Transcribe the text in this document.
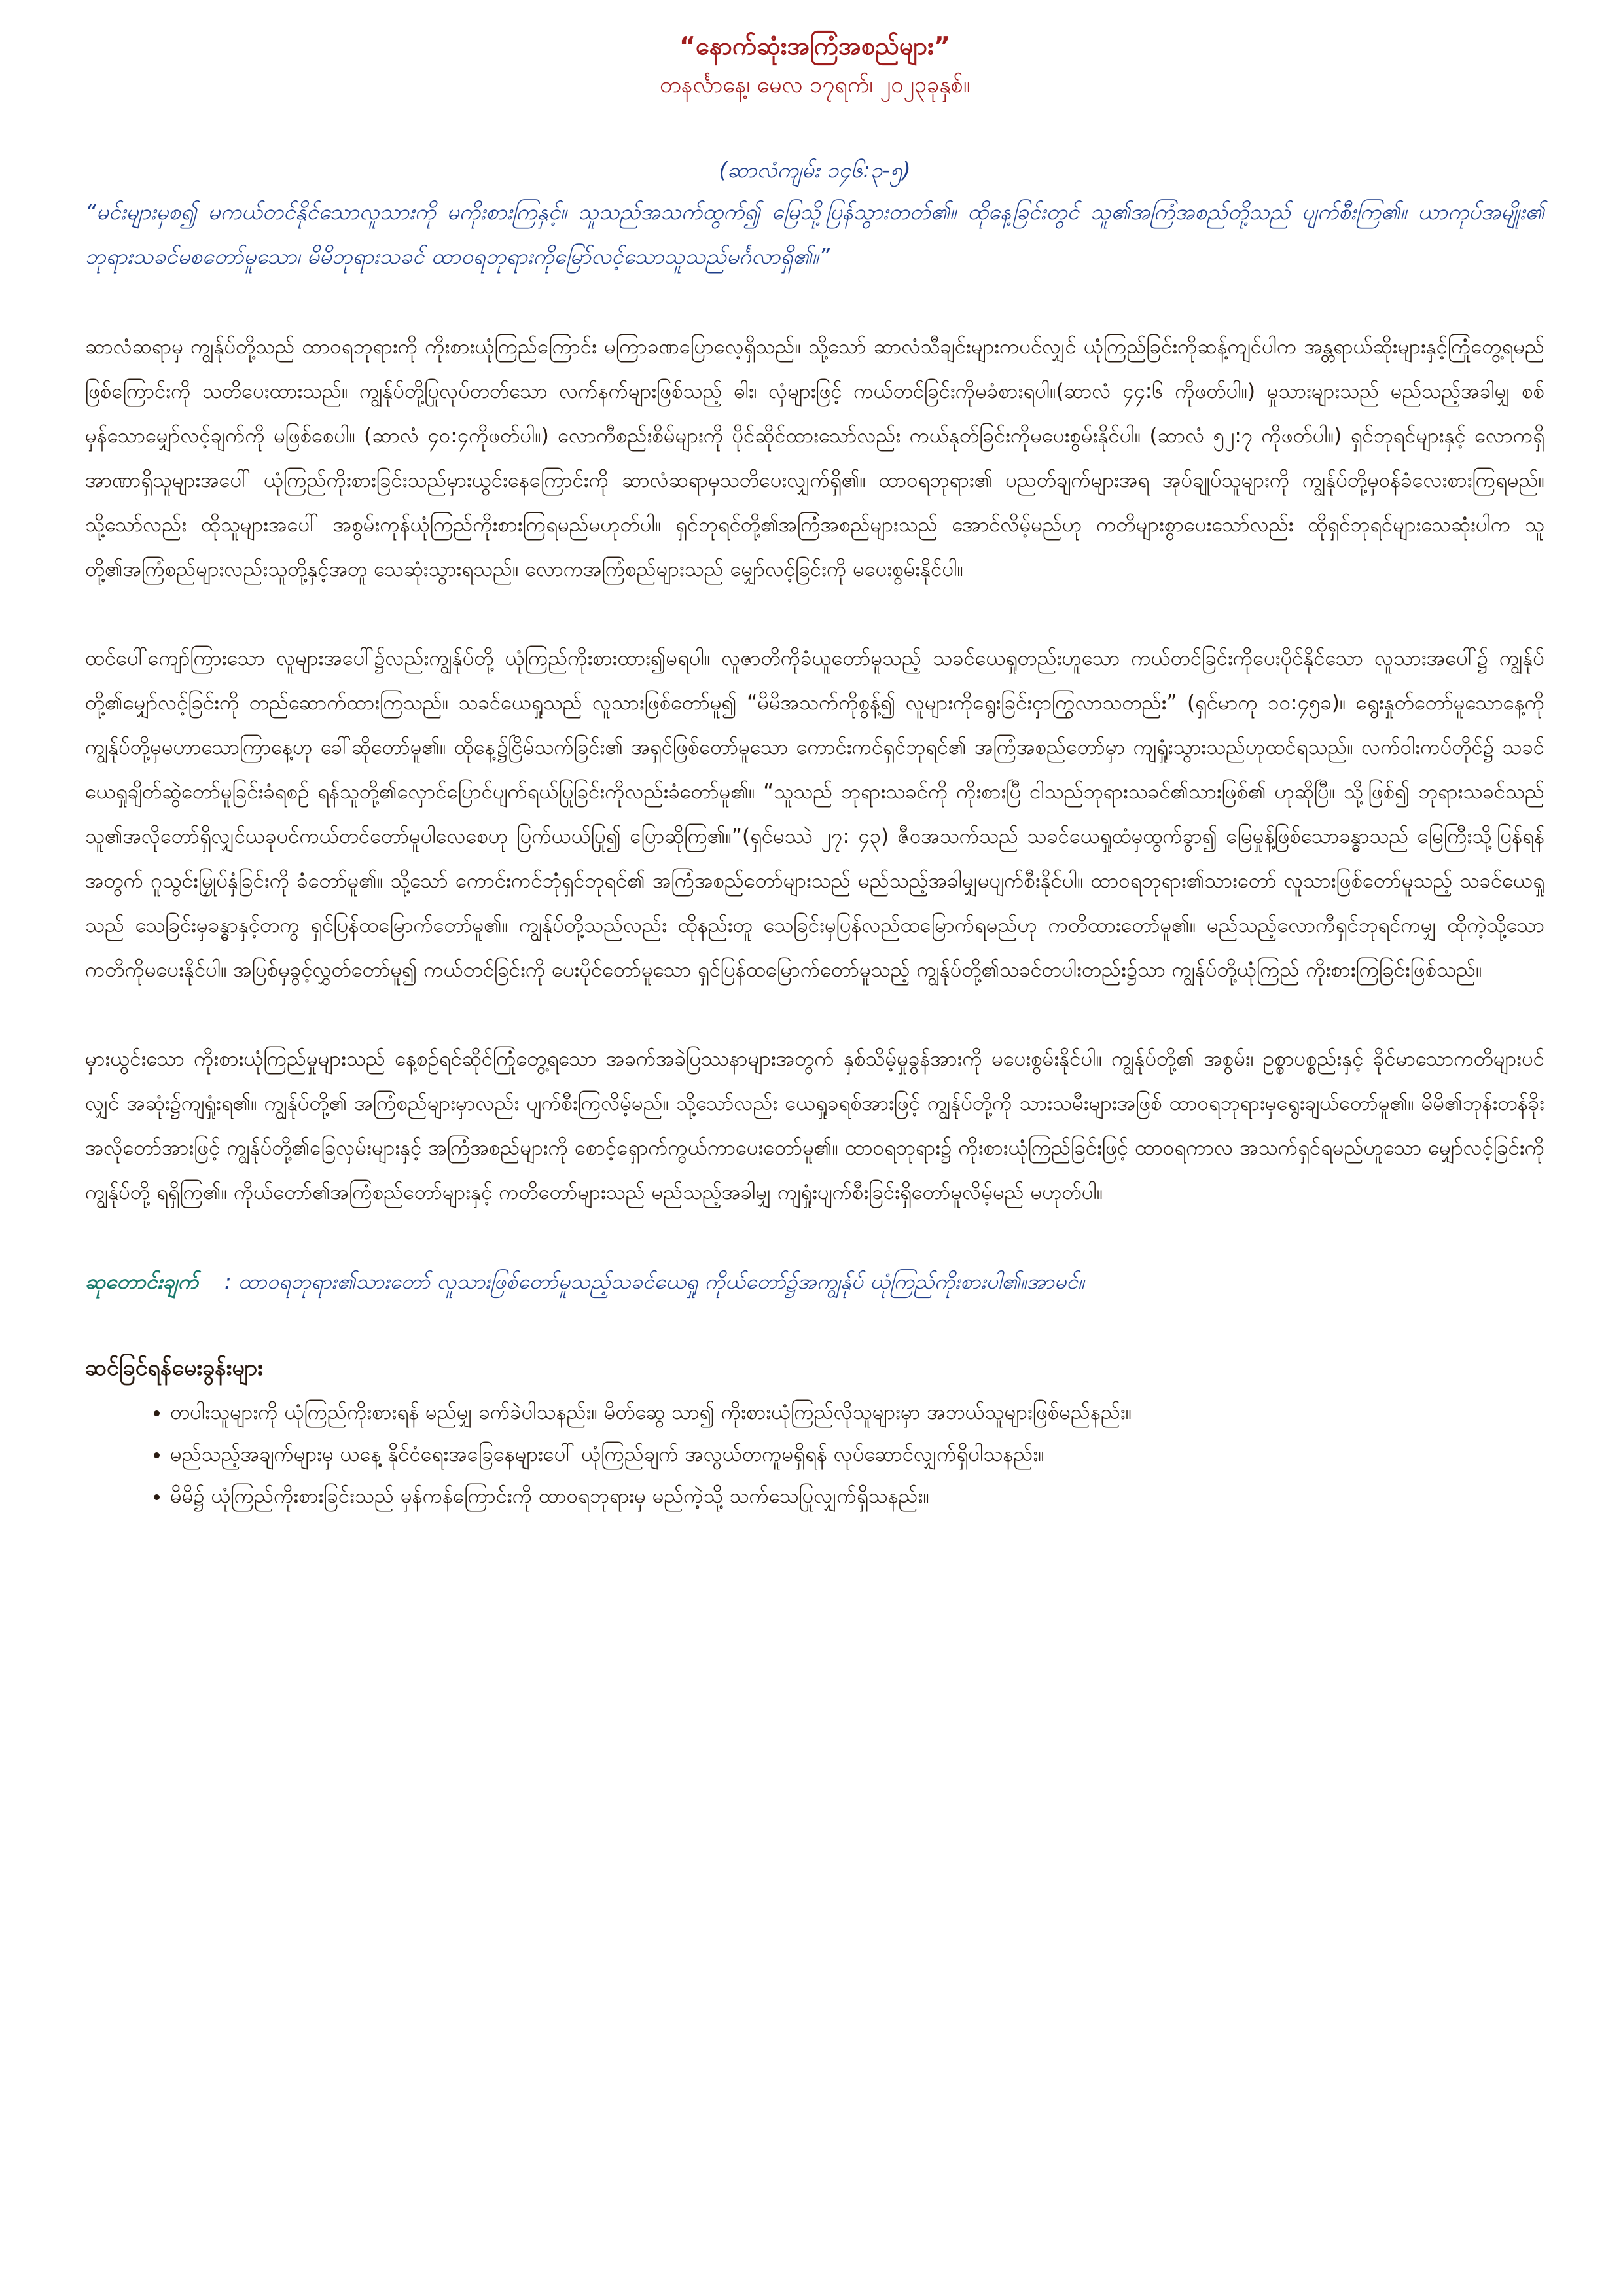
“နောက်ဆုံးအကြံအစည်များ”

တနင်္လာနေ့၊ မေလ ၁၇ရက်၊ ၂၀၂၃ခုနှစ်။

(ဆာလံကျမ်း ၁၄၆:၃-၅)

“မင်းများမှစ၍ မကယ်တင်နိုင်သောလူသားကို မကိုးစားကြနှင့်။ သူသည်အသက်ထွက်၍ မြေသို့ပြန်သွားတတ်၏။ ထိုနေ့ခြင်းတွင် သူ၏အကြံအစည်တို့သည် ပျက်စီးကြ၏။ ယာကုပ်အမျိုး၏ ဘုရားသခင်မစတော်မူသော၊ မိမိဘုရားသခင် ထာဝရဘုရားကိုမြော်လင့်သောသူသည်မင်္ဂလာရှိ၏။”

ဆာလံဆရာမှ ကျွန်ုပ်တို့သည် ထာဝရဘုရားကို ကိုးစားယုံကြည်ကြောင်း မကြာခဏပြောလေ့ရှိသည်။ သို့သော် ဆာလံသီချင်းများကပင်လျှင် ယုံကြည်ခြင်းကိုဆန့်ကျင်ပါက အန္တရာယ်ဆိုးများနှင့်ကြုံတွေ့ရမည်ဖြစ်ကြောင်းကို သတိပေးထားသည်။ ကျွန်ုပ်တို့ပြုလုပ်တတ်သော လက်နက်များဖြစ်သည့် ဓါး၊ လှံများဖြင့် ကယ်တင်ခြင်းကိုမခံစားရပါ။(ဆာလံ ၄၄:၆ ကိုဖတ်ပါ။) မှုသားများသည် မည်သည့်အခါမျှ စစ်မှန်သောမျှော်လင့်ချက်ကို မဖြစ်စေပါ။ (ဆာလံ ၄၀:၄ကိုဖတ်ပါ။) လောကီစည်းစိမ်များကို ပိုင်ဆိုင်ထားသော်လည်း ကယ်နုတ်ခြင်းကိုမပေးစွမ်းနိုင်ပါ။ (ဆာလံ ၅၂:၇ ကိုဖတ်ပါ။) ရှင်ဘုရင်များနှင့် လောကရှိအာဏာရှိသူများအပေါ် ယုံကြည်ကိုးစားခြင်းသည်မှားယွင်းနေကြောင်းကို ဆာလံဆရာမှသတိပေးလျှက်ရှိ၏။ ထာဝရဘုရား၏ ပညတ်ချက်များအရ အုပ်ချုပ်သူများကို ကျွန်ုပ်တို့မှဝန်ခံလေးစားကြရမည်။ သို့သော်လည်း ထိုသူများအပေါ် အစွမ်းကုန်ယုံကြည်ကိုးစားကြရမည်မဟုတ်ပါ။ ရှင်ဘုရင်တို့၏အကြံအစည်များသည် အောင်လိမ့်မည်ဟု ကတိများစွာပေးသော်လည်း ထိုရှင်ဘုရင်များသေဆုံးပါက သူတို့၏အကြံစည်များလည်းသူတို့နှင့်အတူ သေဆုံးသွားရသည်။ လောကအကြံစည်များသည် မျှော်လင့်ခြင်းကို မပေးစွမ်းနိုင်ပါ။

ထင်ပေါ်ကျော်ကြားသော လူများအပေါ်၌လည်းကျွန်ုပ်တို့ ယုံကြည်ကိုးစားထား၍မရပါ။ လူဇာတိကိုခံယူတော်မူသည့် သခင်ယေရှုတည်းဟူသော ကယ်တင်ခြင်းကိုပေးပိုင်နိုင်သော လူသားအပေါ်၌ ကျွန်ုပ်တို့၏မျှော်လင့်ခြင်းကို တည်ဆောက်ထားကြသည်။ သခင်ယေရှုသည် လူသားဖြစ်တော်မူ၍ “မိမိအသက်ကိုစွန့်၍ လူများကိုရွေးခြင်းငှာကြွလာသတည်း” (ရှင်မာကု ၁၀:၄၅ခ)။ ရွေးနှုတ်တော်မူသောနေ့ကို ကျွန်ုပ်တို့မှမဟာသောကြာနေ့ဟု ခေါ်ဆိုတော်မူ၏။ ထိုနေ့၌ငြိမ်သက်ခြင်း၏ အရှင်ဖြစ်တော်မူသော ကောင်းကင်ရှင်ဘုရင်၏ အကြံအစည်တော်မှာ ကျရှုံးသွားသည်ဟုထင်ရသည်။ လက်ဝါးကပ်တိုင်၌ သခင်ယေရှုချိတ်ဆွဲတော်မူခြင်းခံရစဉ် ရန်သူတို့၏လှောင်ပြောင်ပျက်ရယ်ပြုခြင်းကိုလည်းခံတော်မူ၏။ “သူသည် ဘုရားသခင်ကို ကိုးစားပြီ ငါသည်ဘုရားသခင်၏သားဖြစ်၏ ဟုဆိုပြီ။ သို့ဖြစ်၍ ဘုရားသခင်သည် သူ၏အလိုတော်ရှိလျှင်ယခုပင်ကယ်တင်တော်မူပါလေစေဟု ပြက်ယယ်ပြု၍ ပြောဆိုကြ၏။”(ရှင်မဿဲ ၂၇: ၄၃) ဇီဝအသက်သည် သခင်ယေရှုထံမှထွက်ခွာ၍ မြေမှုန့်ဖြစ်သောခန္ဓာသည် မြေကြီးသို့ပြန်ရန်အတွက် ဂူသွင်းမြှုပ်နှံခြင်းကို ခံတော်မူ၏။ သို့သော် ကောင်းကင်ဘုံရှင်ဘုရင်၏ အကြံအစည်တော်များသည် မည်သည့်အခါမျှမပျက်စီးနိုင်ပါ။ ထာဝရဘုရား၏သားတော် လူသားဖြစ်တော်မူသည့် သခင်ယေရှုသည် သေခြင်းမှခန္ဓာနှင့်တကွ ရှင်ပြန်ထမြောက်တော်မူ၏။ ကျွန်ုပ်တို့သည်လည်း ထိုနည်းတူ သေခြင်းမှပြန်လည်ထမြောက်ရမည်ဟု ကတိထားတော်မူ၏။ မည်သည့်လောကီရှင်ဘုရင်ကမျှ ထိုကဲ့သို့သော ကတိကိုမပေးနိုင်ပါ။ အပြစ်မှခွင့်လွှတ်တော်မူ၍ ကယ်တင်ခြင်းကို ပေးပိုင်တော်မူသော ရှင်ပြန်ထမြောက်တော်မူသည့် ကျွန်ုပ်တို့၏သခင်တပါးတည်း၌သာ ကျွန်ုပ်တို့ယုံကြည် ကိုးစားကြခြင်းဖြစ်သည်။

မှားယွင်းသော ကိုးစားယုံကြည်မှုများသည် နေ့စဉ်ရင်ဆိုင်ကြုံတွေ့ရသော အခက်အခဲပြဿနာများအတွက် နှစ်သိမ့်မှုခွန်အားကို မပေးစွမ်းနိုင်ပါ။ ကျွန်ုပ်တို့၏ အစွမ်း၊ ဥစ္စာပစ္စည်းနှင့် ခိုင်မာသောကတိများပင်လျှင် အဆုံး၌ကျရှုံးရ၏။ ကျွန်ုပ်တို့၏ အကြံစည်များမှာလည်း ပျက်စီးကြလိမ့်မည်။ သို့သော်လည်း ယေရှုခရစ်အားဖြင့် ကျွန်ုပ်တို့ကို သားသမီးများအဖြစ် ထာဝရဘုရားမှရွေးချယ်တော်မူ၏။ မိမိ၏ဘုန်းတန်ခိုးအလိုတော်အားဖြင့် ကျွန်ုပ်တို့၏ခြေလှမ်းများနှင့် အကြံအစည်များကို စောင့်ရှောက်ကွယ်ကာပေးတော်မူ၏။ ထာဝရဘုရား၌ ကိုးစားယုံကြည်ခြင်းဖြင့် ထာဝရကာလ အသက်ရှင်ရမည်ဟူသော မျှော်လင့်ခြင်းကို ကျွန်ုပ်တို့ ရရှိကြ၏။ ကိုယ်တော်၏အကြံစည်တော်များနှင့် ကတိတော်များသည် မည်သည့်အခါမျှ ကျရှုံးပျက်စီးခြင်းရှိတော်မူလိမ့်မည် မဟုတ်ပါ။

ဆုတောင်းချက် : ထာဝရဘုရား၏သားတော် လူသားဖြစ်တော်မူသည့်သခင်ယေရှု ကိုယ်တော်၌အကျွန်ုပ် ယုံကြည်ကိုးစားပါ၏။အာမင်။
ဆင်ခြင်ရန်မေးခွန်းများ
• တပါးသူများကို ယုံကြည်ကိုးစားရန် မည်မျှ ခက်ခဲပါသနည်း။ မိတ်ဆွေ သာ၍ ကိုးစားယုံကြည်လိုသူများမှာ အဘယ်သူများဖြစ်မည်နည်း။
• မည်သည့်အချက်များမှ ယနေ့ နိုင်ငံရေးအခြေနေများပေါ် ယုံကြည်ချက် အလွယ်တကူမရှိရန် လုပ်ဆောင်လျှက်ရှိပါသနည်း။
• မိမိ၌ ယုံကြည်ကိုးစားခြင်းသည် မှန်ကန်ကြောင်းကို ထာဝရဘုရားမှ မည်ကဲ့သို့ သက်သေပြုလျှက်ရှိသနည်း။
